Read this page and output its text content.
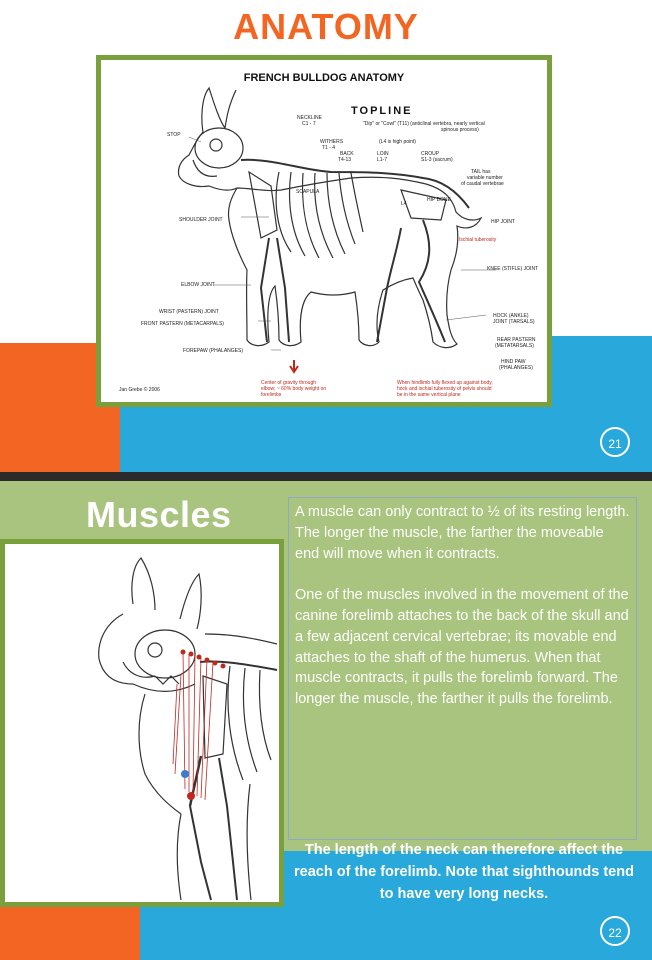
ANATOMY
FRENCH BULLDOG ANATOMY
TOPLINE
STOP
NECKLINE
C1 - 7	"Dip" or "Cowl" (T11) (anticlinal vertebra, nearly vertical
spinous process)
WITHERS
T1 - 4
(L4 is high point)
BACK
T4-13
LOIN
L1-7
CROUP
S1-3 (sacrum)
TAIL has
variable number
of caudal vertebrae
SCAPULA
L4
HIP BONE
HIP JOINT
Ischial tuberosity
SHOULDER JOINT
KNEE (STIFLE) JOINT
ELBOW JOINT
WRIST (PASTERN) JOINT
FRONT PASTERN (METACARPALS)
FOREPAW (PHALANGES)
HOCK (ANKLE)
JOINT (TARSALS)
REAR PASTERN
(METATARSALS)
HIND PAW
(PHALANGES)
Jan Grebe © 2006
Center of gravity through
elbow; ~ 60% body weight on
forelimbs
When hindlimb fully flexed up against body,
hock and ischial tuberosity of pelvis should
be in the same vertical plane
21
Muscles	A muscle can only contract to ½ of its resting length. The longer the muscle, the farther the moveable end will move when it contracts.

One of the muscles involved in the movement of the canine forelimb attaches to the back of the skull and a few adjacent cervical vertebrae; its movable end attaches to the shaft of the humerus. When that muscle contracts, it pulls the forelimb forward. The longer the muscle, the farther it pulls the forelimb.

The length of the neck can therefore affect the reach of the forelimb. Note that sighthounds tend to have very long necks.
22
